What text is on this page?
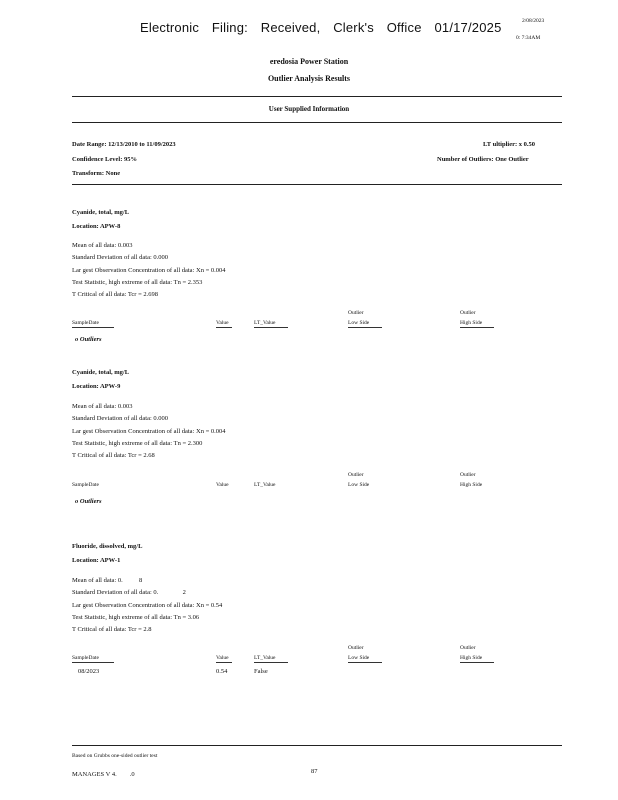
Electronic Filing: Received, Clerk's Office 01/17/2025	2/08/2023
0: 7:34AM
eredosia Power Station
Outlier Analysis Results
User Supplied Information
Date Range: 12/13/2010 to 11/09/2023
Confidence Level: 95%
Transform: None
LT ultiplier: x 0.50
Number of Outliers: One Outlier
Cyanide, total, mg/L
Location: APW-8
Mean of all data: 0.003
Standard Deviation of all data: 0.000
Lar gest Observation Concentration of all data: Xn = 0.004
Test Statistic, high extreme of all data: Tn = 2.353
T Critical of all data: Tcr = 2.698
Outlier	Outlier
SampleDate	Value	LT_Value	Low Side	High Side
o Outliers
Cyanide, total, mg/L
Location: APW-9
Mean of all data: 0.003
Standard Deviation of all data: 0.000
Lar gest Observation Concentration of all data: Xn = 0.004
Test Statistic, high extreme of all data: Tn = 2.300
T Critical of all data: Tcr = 2.68
Outlier	Outlier
SampleDate	Value	LT_Value	Low Side	High Side
o Outliers
Fluoride, dissolved, mg/L
Location: APW-1
Mean of all data: 0.          8
Standard Deviation of all data: 0.               2
Lar gest Observation Concentration of all data: Xn = 0.54
Test Statistic, high extreme of all data: Tn = 3.06
T Critical of all data: Tcr = 2.8
Outlier	Outlier
SampleDate	Value	LT_Value	Low Side	High Side
08/2023	0.54	False
Based on Grubbs one-sided outlier test
MANAGES V 4.        .0	87
